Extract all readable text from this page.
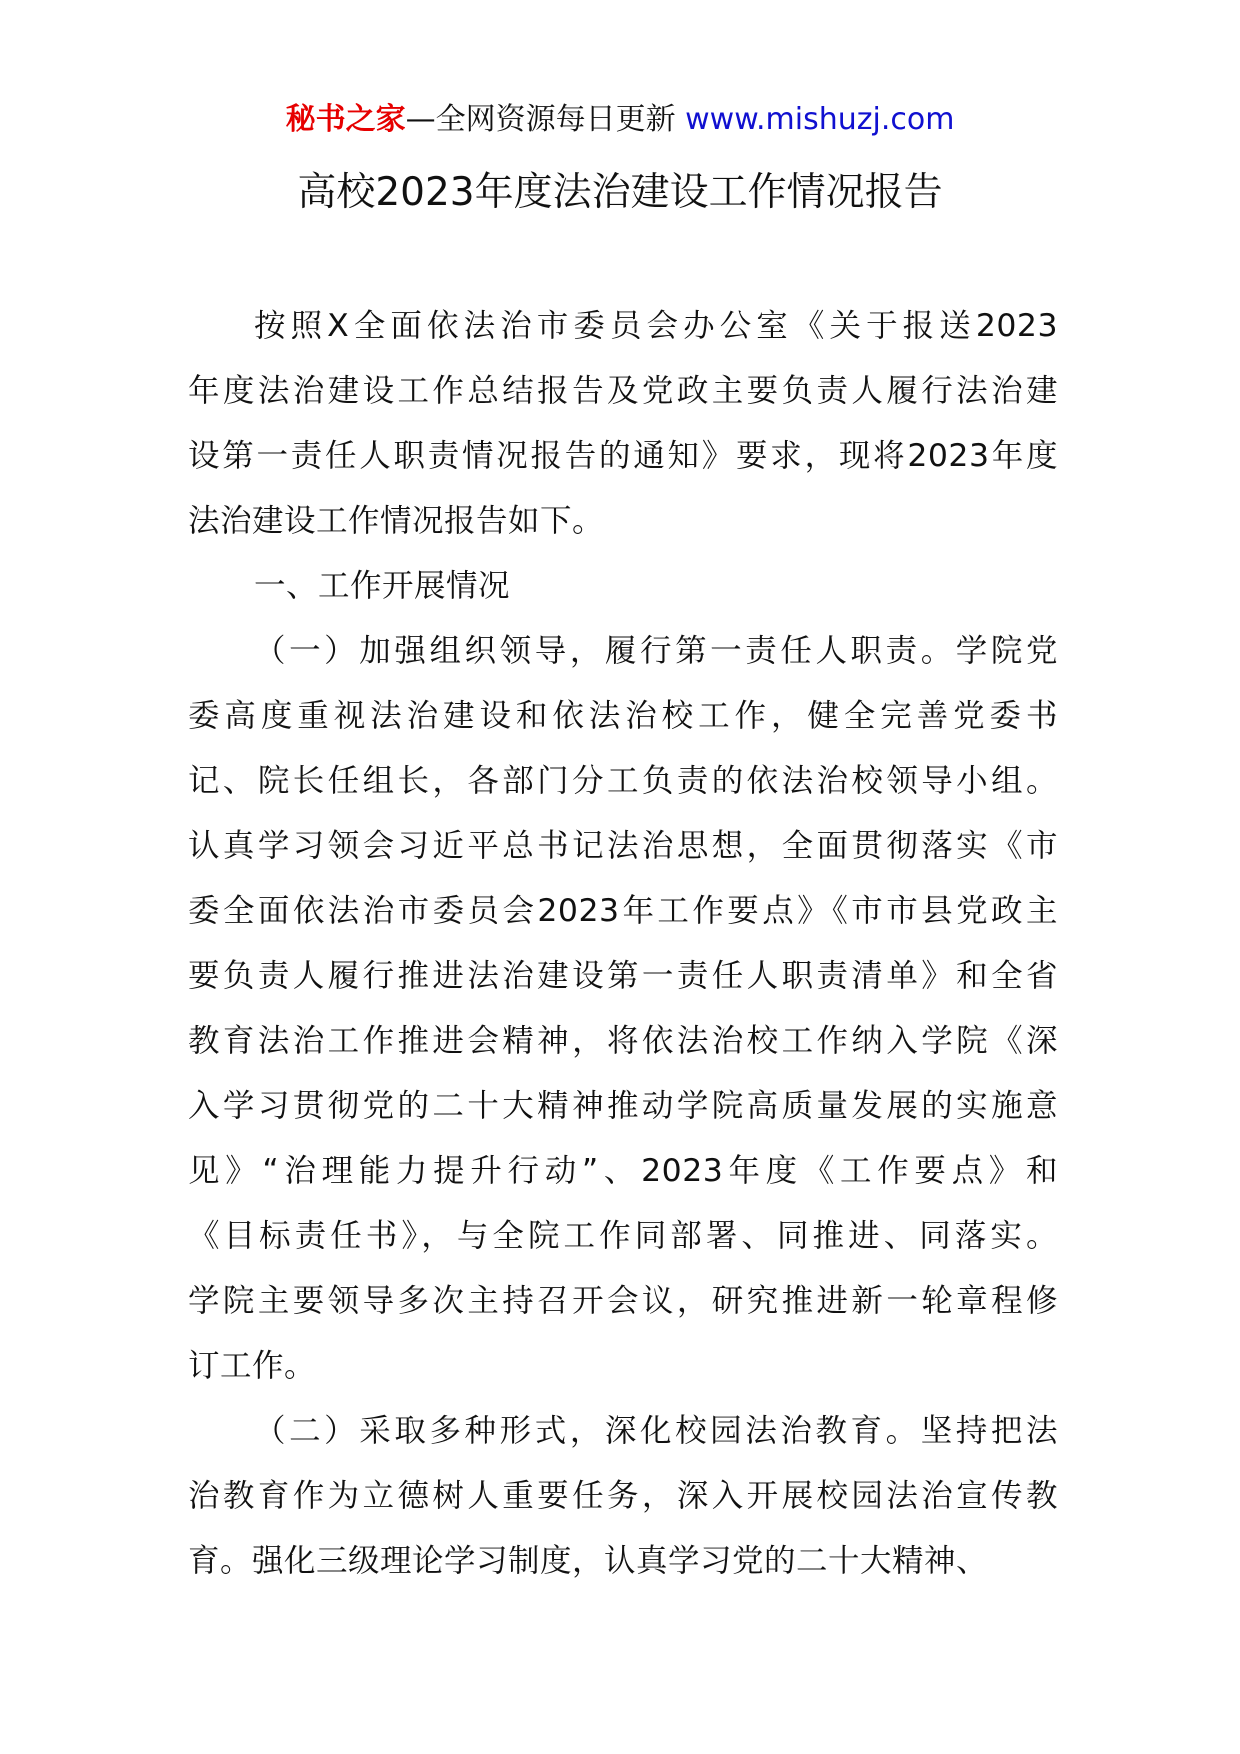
秘书之家—全网资源每日更新 www.mishuzj.com
高校2023年度法治建设工作情况报告
按照X全面依法治市委员会办公室《关于报送2023
年度法治建设工作总结报告及党政主要负责人履行法治建
设第一责任人职责情况报告的通知》要求，现将2023年度
法治建设工作情况报告如下。
一、工作开展情况
（一）加强组织领导，履行第一责任人职责。学院党
委高度重视法治建设和依法治校工作，健全完善党委书
记、院长任组长，各部门分工负责的依法治校领导小组。
认真学习领会习近平总书记法治思想，全面贯彻落实《市
委全面依法治市委员会2023年工作要点》《市市县党政主
要负责人履行推进法治建设第一责任人职责清单》和全省
教育法治工作推进会精神，将依法治校工作纳入学院《深
入学习贯彻党的二十大精神推动学院高质量发展的实施意
见》“治理能力提升行动”、2023年度《工作要点》和
《目标责任书》，与全院工作同部署、同推进、同落实。
学院主要领导多次主持召开会议，研究推进新一轮章程修
订工作。
（二）采取多种形式，深化校园法治教育。坚持把法
治教育作为立德树人重要任务，深入开展校园法治宣传教
育。强化三级理论学习制度，认真学习党的二十大精神、
